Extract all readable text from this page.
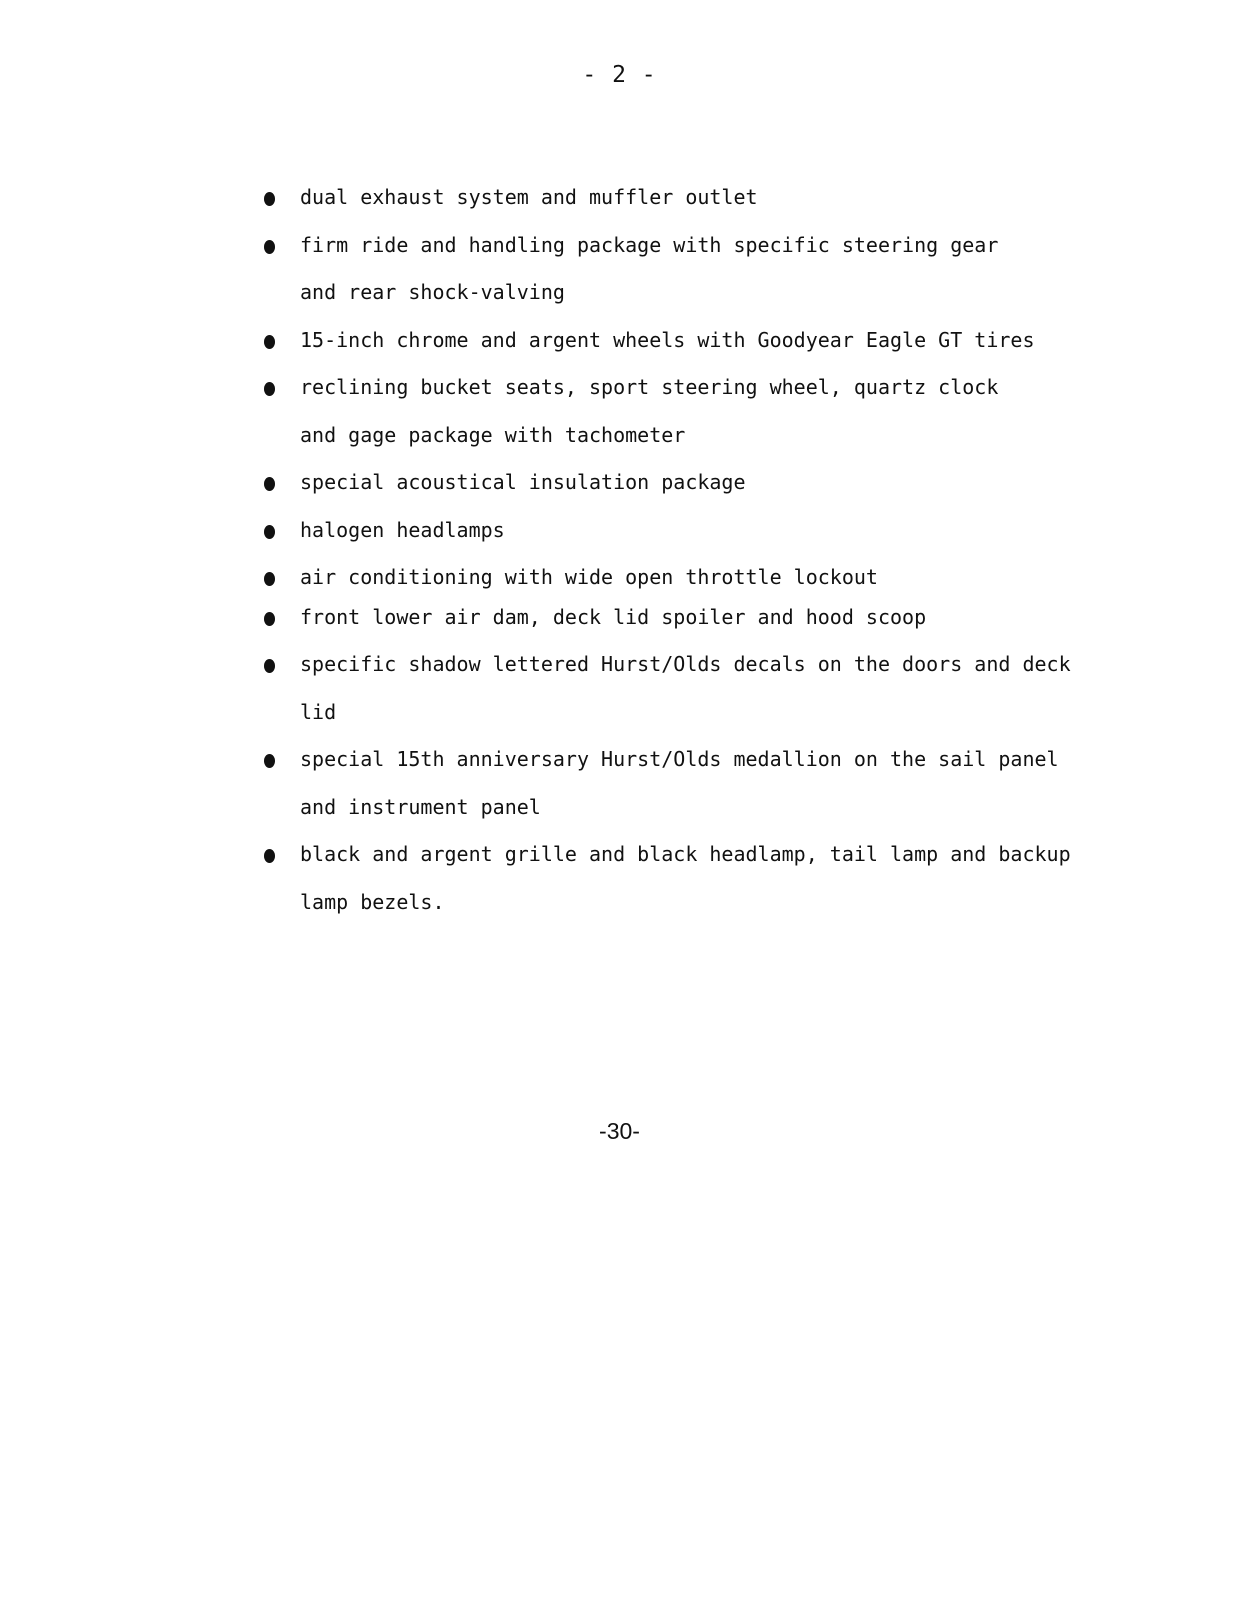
- 2 -
dual exhaust system and muffler outlet
firm ride and handling package with specific steering gear
and rear shock-valving
15-inch chrome and argent wheels with Goodyear Eagle GT tires
reclining bucket seats, sport steering wheel, quartz clock
and gage package with tachometer
special acoustical insulation package
halogen headlamps
air conditioning with wide open throttle lockout
front lower air dam, deck lid spoiler and hood scoop
specific shadow lettered Hurst/Olds decals on the doors and deck
lid
special 15th anniversary Hurst/Olds medallion on the sail panel
and instrument panel
black and argent grille and black headlamp, tail lamp and backup
lamp bezels.
-30-
